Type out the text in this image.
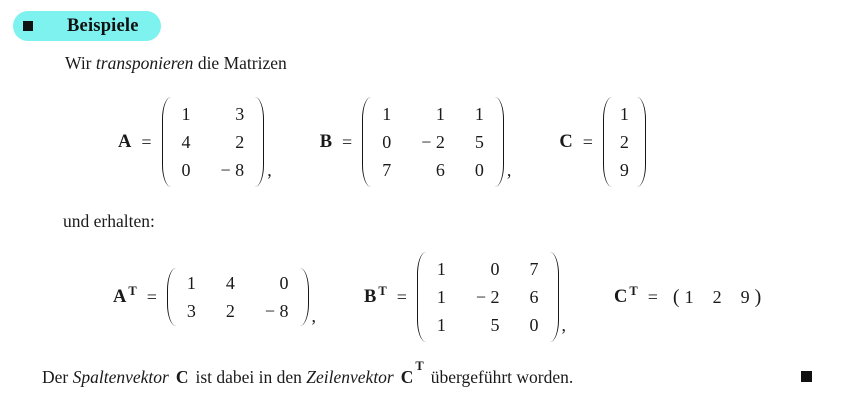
Beispiele
Wir transponieren die Matrizen
A =
1 3
4 2
0 − 8 ,
B =
1 1 1
0 − 2 5
7 6 0 ,
C =
1
2
9
und erhalten:
$A^T$ =
1 4 0
3 2 − 8 ,
$B^T$ =
1 0 7
1 − 2 6
1 5 0 ,
$C^T$ = ( 1 2 9 )
Der Spaltenvektor C ist dabei in den Zeilenvektor $C^Tübergeführt$ worden.
